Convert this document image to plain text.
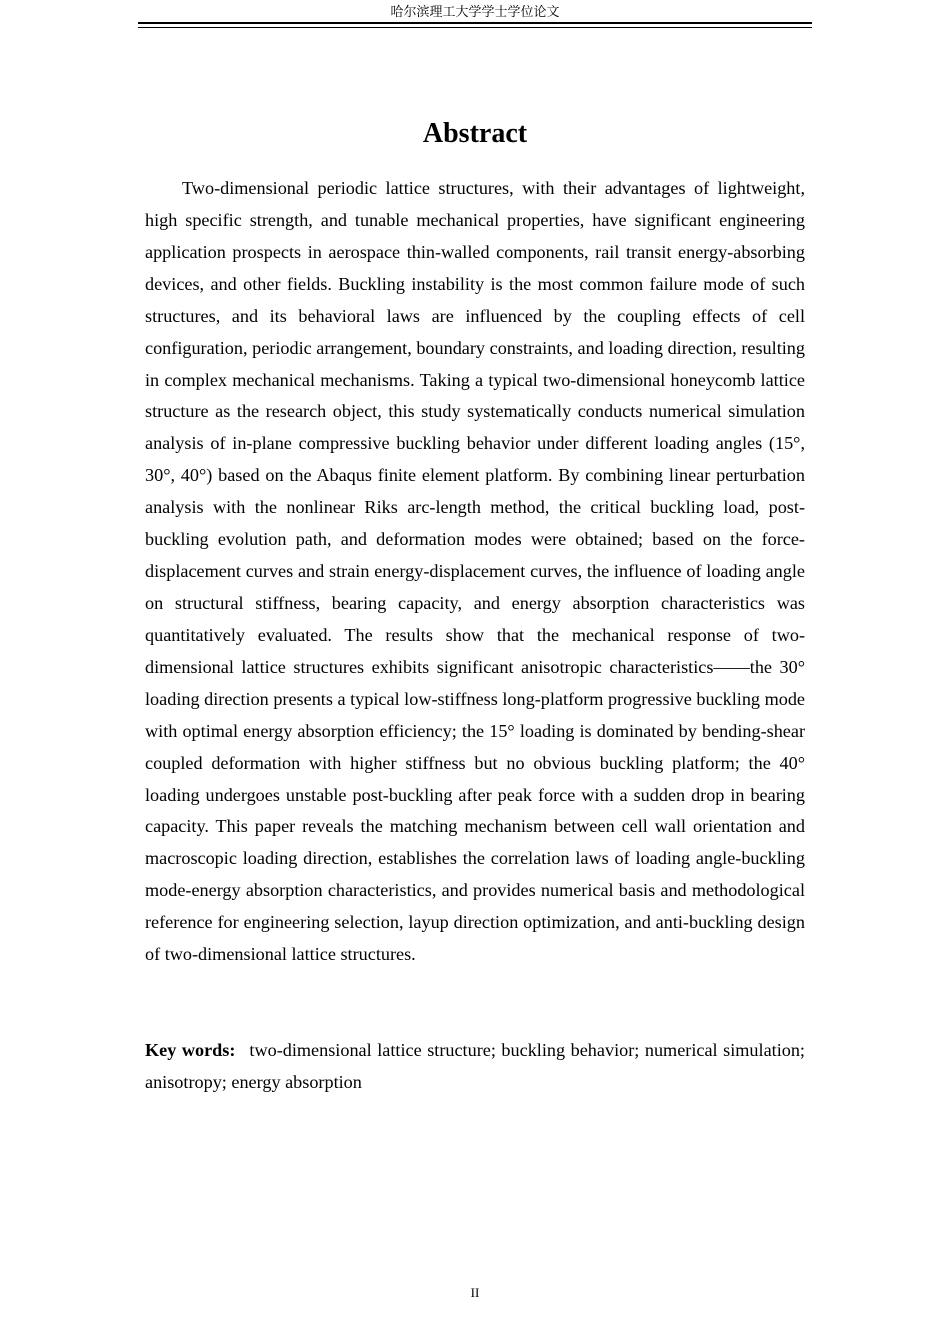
哈尔滨理工大学学士学位论文
Abstract

Two-dimensional periodic lattice structures, with their advantages of lightweight, high specific strength, and tunable mechanical properties, have significant engineering application prospects in aerospace thin-walled components, rail transit energy-absorbing devices, and other fields. Buckling instability is the most common failure mode of such structures, and its behavioral laws are influenced by the coupling effects of cell configuration, periodic arrangement, boundary constraints, and loading direction, resulting in complex mechanical mechanisms. Taking a typical two-dimensional honeycomb lattice structure as the research object, this study systematically conducts numerical simulation analysis of in-plane compressive buckling behavior under different loading angles (15°, 30°, 40°) based on the Abaqus finite element platform. By combining linear perturbation analysis with the nonlinear Riks arc-length method, the critical buckling load, post-buckling evolution path, and deformation modes were obtained; based on the force-displacement curves and strain energy-displacement curves, the influence of loading angle on structural stiffness, bearing capacity, and energy absorption characteristics was quantitatively evaluated. The results show that the mechanical response of two-dimensional lattice structures exhibits significant anisotropic characteristics——the 30° loading direction presents a typical low-stiffness long-platform progressive buckling mode with optimal energy absorption efficiency; the 15° loading is dominated by bending-shear coupled deformation with higher stiffness but no obvious buckling platform; the 40° loading undergoes unstable post-buckling after peak force with a sudden drop in bearing capacity. This paper reveals the matching mechanism between cell wall orientation and macroscopic loading direction, establishes the correlation laws of loading angle-buckling mode-energy absorption characteristics, and provides numerical basis and methodological reference for engineering selection, layup direction optimization, and anti-buckling design of two-dimensional lattice structures.

Key words: two-dimensional lattice structure; buckling behavior; numerical simulation; anisotropy; energy absorption

II
